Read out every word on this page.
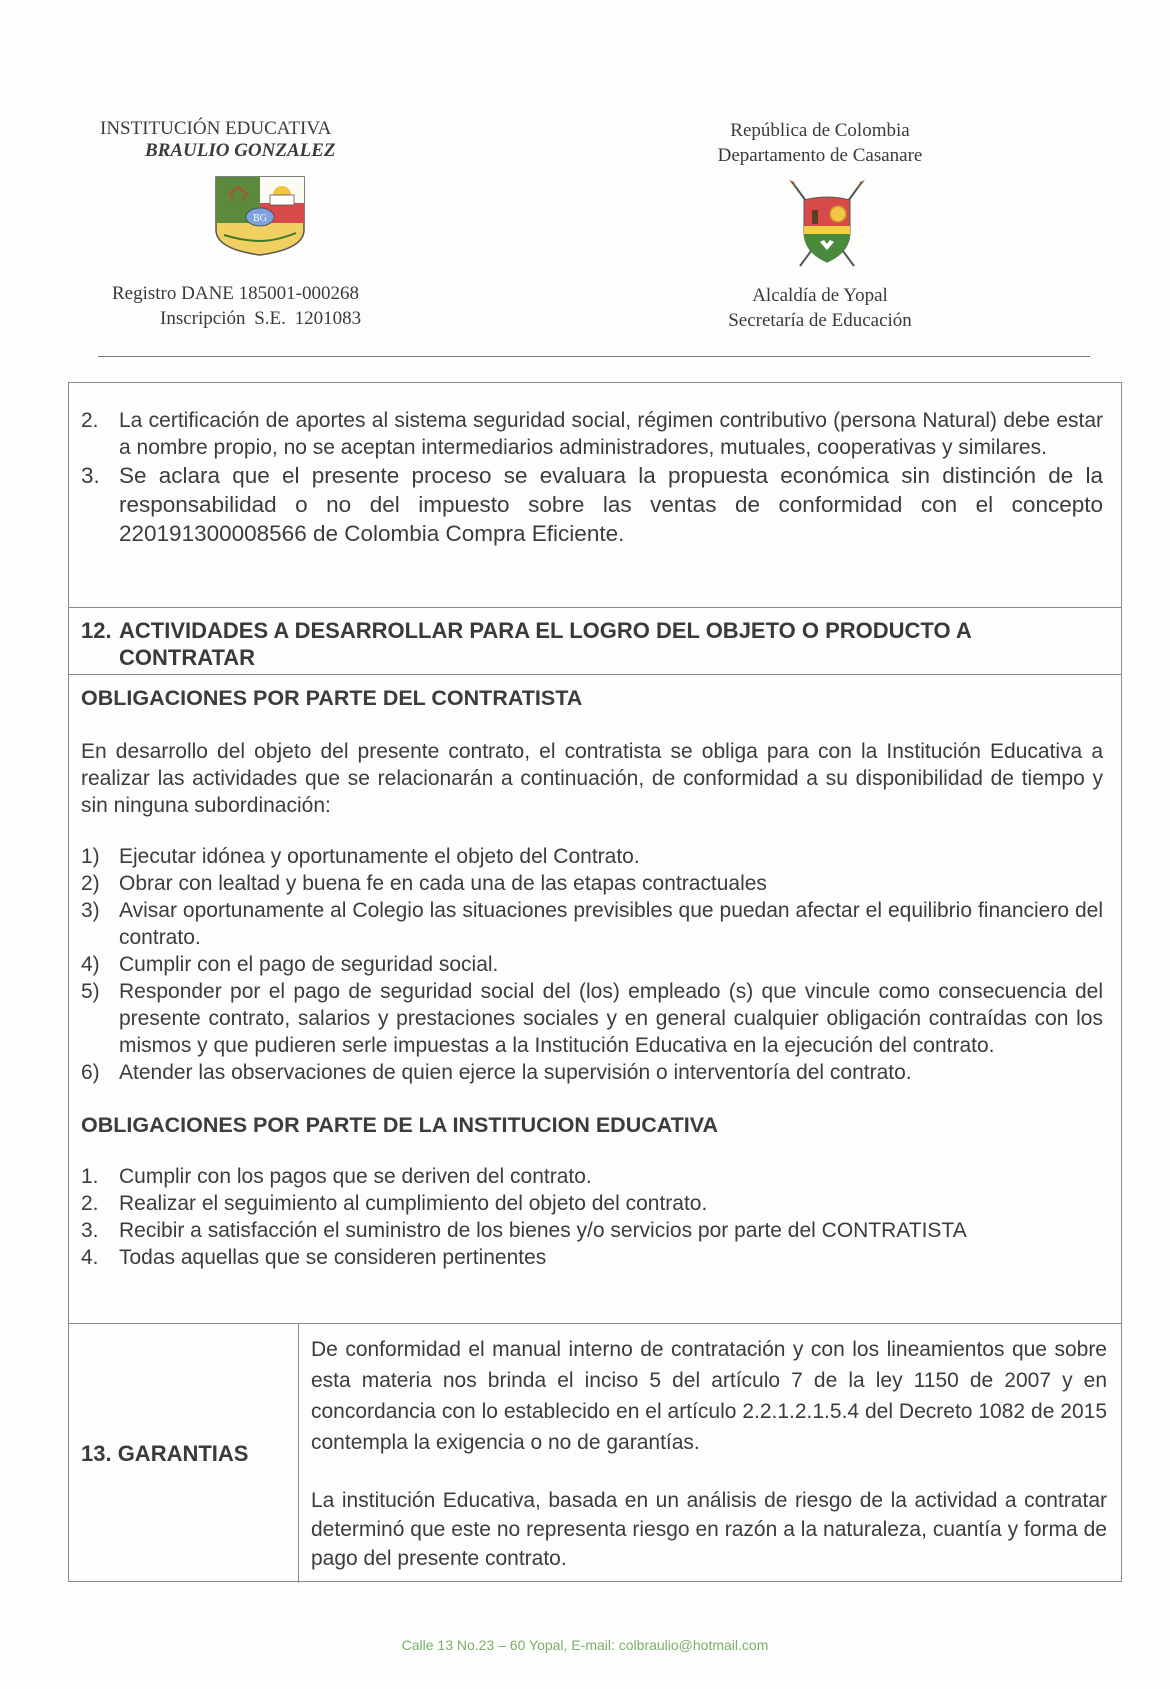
INSTITUCIÓN EDUCATIVA
BRAULIO GONZALEZ
Registro DANE 185001-000268
Inscripción S.E. 1201083
BG
República de Colombia
Departamento de Casanare
Alcaldía de Yopal
Secretaría de Educación
2. La certificación de aportes al sistema seguridad social, régimen contributivo (persona Natural) debe estar a nombre propio, no se aceptan intermediarios administradores, mutuales, cooperativas y similares.
3. Se aclara que el presente proceso se evaluara la propuesta económica sin distinción de la responsabilidad o no del impuesto sobre las ventas de conformidad con el concepto 220191300008566 de Colombia Compra Eficiente.
12. ACTIVIDADES A DESARROLLAR PARA EL LOGRO DEL OBJETO O PRODUCTO A
CONTRATAR
OBLIGACIONES POR PARTE DEL CONTRATISTA
En desarrollo del objeto del presente contrato, el contratista se obliga para con la Institución Educativa a realizar las actividades que se relacionarán a continuación, de conformidad a su disponibilidad de tiempo y sin ninguna subordinación:
1) Ejecutar idónea y oportunamente el objeto del Contrato.
2) Obrar con lealtad y buena fe en cada una de las etapas contractuales
3) Avisar oportunamente al Colegio las situaciones previsibles que puedan afectar el equilibrio financiero del contrato.
4) Cumplir con el pago de seguridad social.
5) Responder por el pago de seguridad social del (los) empleado (s) que vincule como consecuencia del presente contrato, salarios y prestaciones sociales y en general cualquier obligación contraídas con los mismos y que pudieren serle impuestas a la Institución Educativa en la ejecución del contrato.
6) Atender las observaciones de quien ejerce la supervisión o interventoría del contrato.
OBLIGACIONES POR PARTE DE LA INSTITUCION EDUCATIVA
1. Cumplir con los pagos que se deriven del contrato.
2. Realizar el seguimiento al cumplimiento del objeto del contrato.
3. Recibir a satisfacción el suministro de los bienes y/o servicios por parte del CONTRATISTA
4. Todas aquellas que se consideren pertinentes
13. GARANTIAS

De conformidad el manual interno de contratación y con los lineamientos que sobre esta materia nos brinda el inciso 5 del artículo 7 de la ley 1150 de 2007 y en concordancia con lo establecido en el artículo 2.2.1.2.1.5.4 del Decreto 1082 de 2015 contempla la exigencia o no de garantías.

La institución Educativa, basada en un análisis de riesgo de la actividad a contratar determinó que este no representa riesgo en razón a la naturaleza, cuantía y forma de pago del presente contrato.

Calle 13 No.23 – 60 Yopal, E-mail: colbraulio@hotmail.com
